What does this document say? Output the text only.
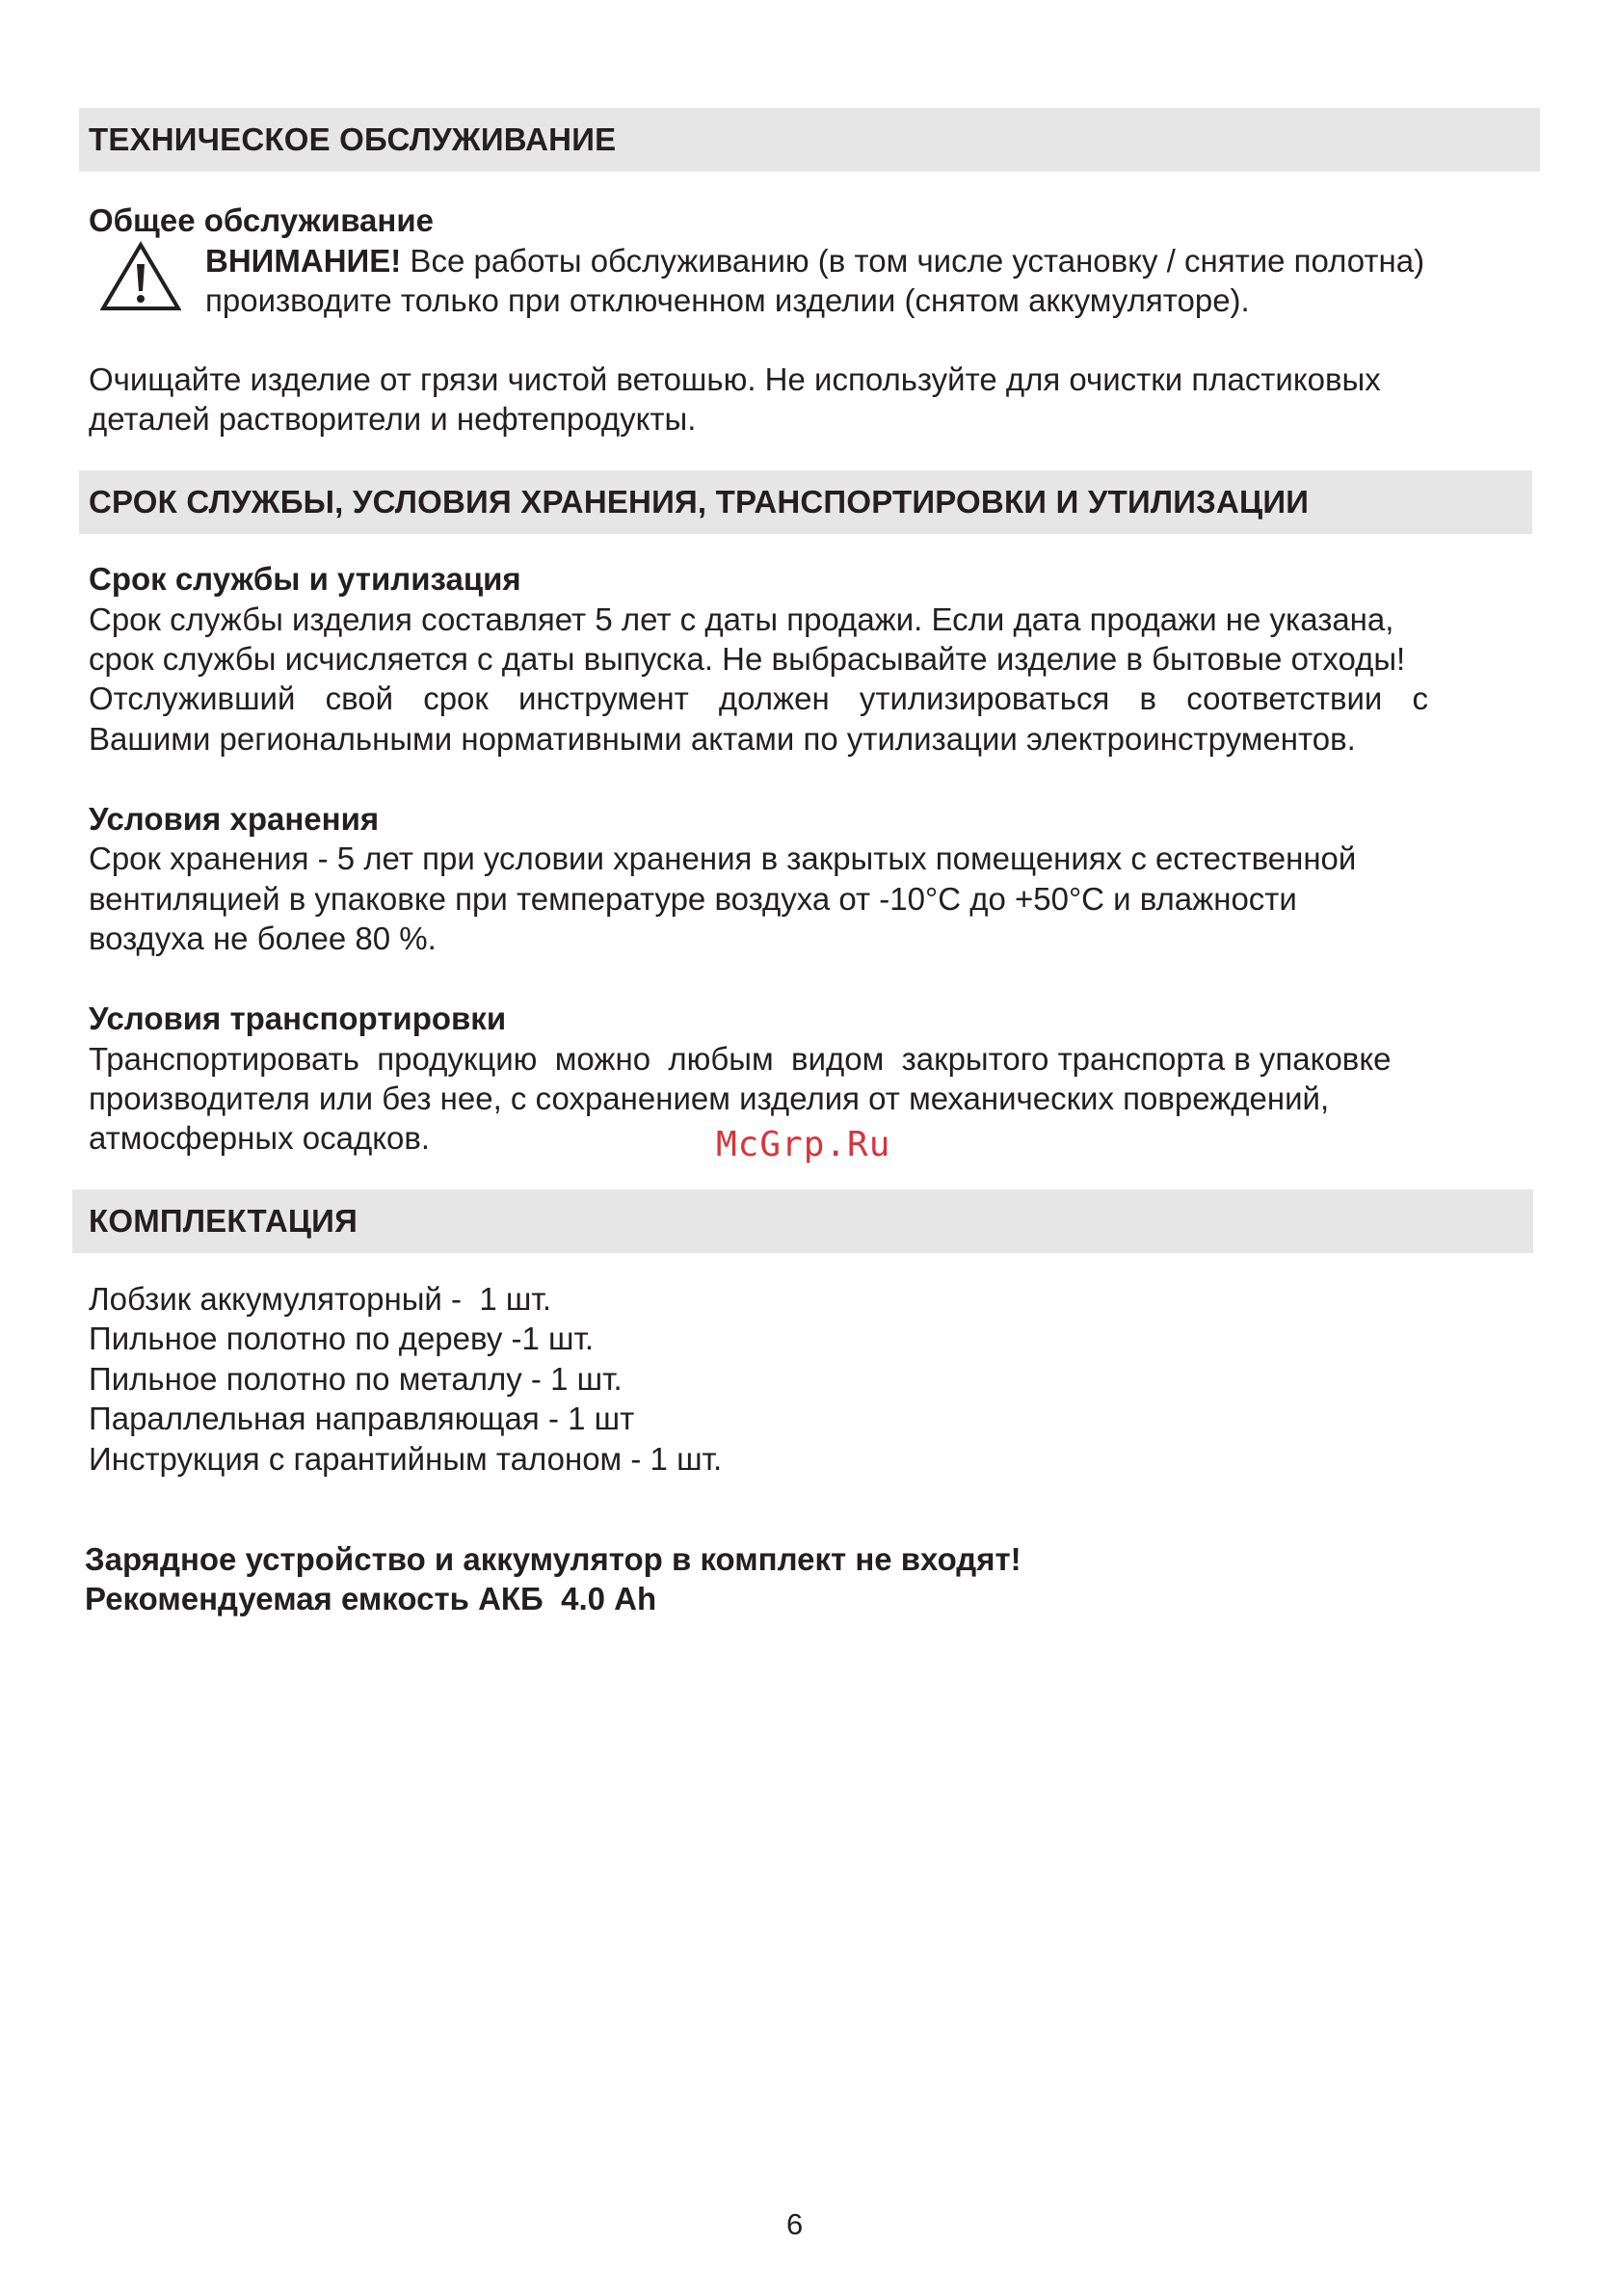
ТЕХНИЧЕСКОЕ ОБСЛУЖИВАНИЕ
Общее обслуживание
ВНИМАНИЕ! Все работы обслуживанию (в том числе установку / снятие полотна)
производите только при отключенном изделии (снятом аккумуляторе).
Очищайте изделие от грязи чистой ветошью. Не используйте для очистки пластиковых
деталей растворители и нефтепродукты.
СРОК СЛУЖБЫ, УСЛОВИЯ ХРАНЕНИЯ, ТРАНСПОРТИРОВКИ И УТИЛИЗАЦИИ
Срок службы и утилизация
Срок службы изделия составляет 5 лет с даты продажи. Если дата продажи не указана,
срок службы исчисляется с даты выпуска. Не выбрасывайте изделие в бытовые отходы!
Отслуживший свой срок инструмент должен утилизироваться в соответствии с
Вашими региональными нормативными актами по утилизации электроинструментов.
Условия хранения
Срок хранения - 5 лет при условии хранения в закрытых помещениях с естественной
вентиляцией в упаковке при температуре воздуха от -10°С до +50°С и влажности
воздуха не более 80 %.
Условия транспортировки
Транспортировать  продукцию  можно  любым  видом  закрытого транспорта в упаковке
производителя или без нее, с сохранением изделия от механических повреждений,
атмосферных осадков.	McGrp.Ru
КОМПЛЕКТАЦИЯ
Лобзик аккумуляторный -  1 шт.
Пильное полотно по дереву -1 шт.
Пильное полотно по металлу - 1 шт.
Параллельная направляющая - 1 шт
Инструкция с гарантийным талоном - 1 шт.
Зарядное устройство и аккумулятор в комплект не входят!
Рекомендуемая емкость АКБ  4.0 Ah
6
